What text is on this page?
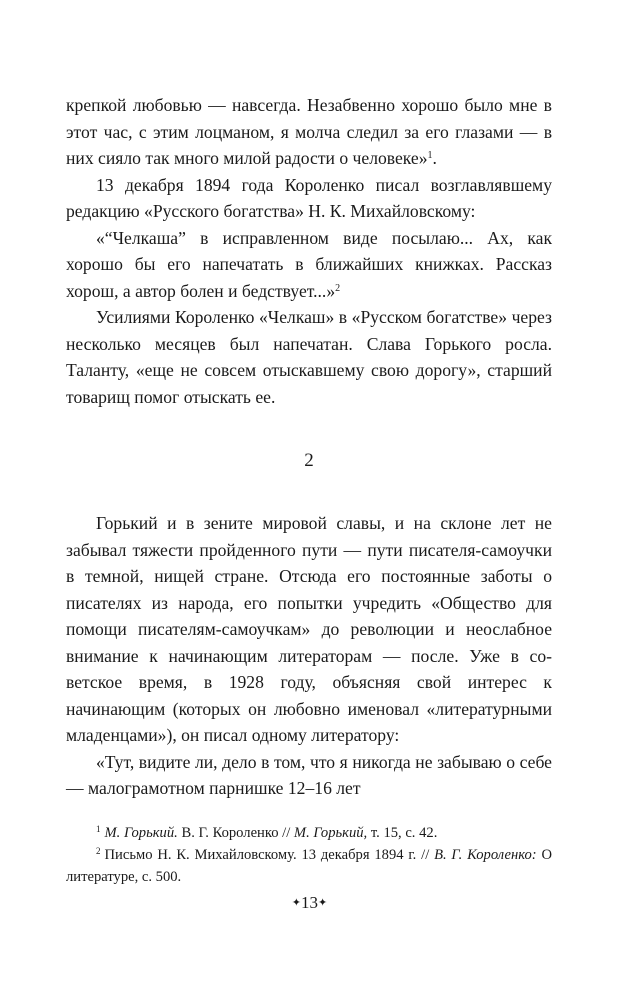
крепкой любовью — навсегда. Незабвенно хорошо было мне в этот час, с этим лоцманом, я молча следил за его глазами — в них сияло так много милой радости о человеке»$^1$.

13 декабря 1894 года Короленко писал возглавлявшему редакцию «Русского богатства» Н. К. Михайловскому:

«“Челкаша” в исправленном виде посылаю... Ах, как хорошо бы его напечатать в ближайших книжках. Рассказ хорош, а автор болен и бедствует...»$^2$

Усилиями Короленко «Челкаш» в «Русском богатстве» через несколько месяцев был напечатан. Слава Горького росла. Таланту, «еще не совсем отыскавшему свою дорогу», старший товарищ помог отыскать ее.

2

Горький и в зените мировой славы, и на склоне лет не забывал тяжести пройденного пути — пути писателя-самоучки в темной, нищей стране. Отсюда его постоянные заботы о писателях из народа, его попытки учредить «Общество для помощи писателям-самоучкам» до революции и неослабное внимание к начинающим литераторам — после. Уже в советское время, в 1928 году, объясняя свой интерес к начинающим (которых он любовно именовал «литературными младенцами»), он писал одному литератору:

«Тут, видите ли, дело в том, что я никогда не забываю о себе — малограмотном парнишке 12–16 лет

$^1$ М. Горький. В. Г. Короленко // М. Горький, т. 15, с. 42.

$^2$ Письмо Н. К. Михайловскому. 13 декабря 1894 г. // В. Г. Короленко: О литературе, с. 500.

✦13✦
